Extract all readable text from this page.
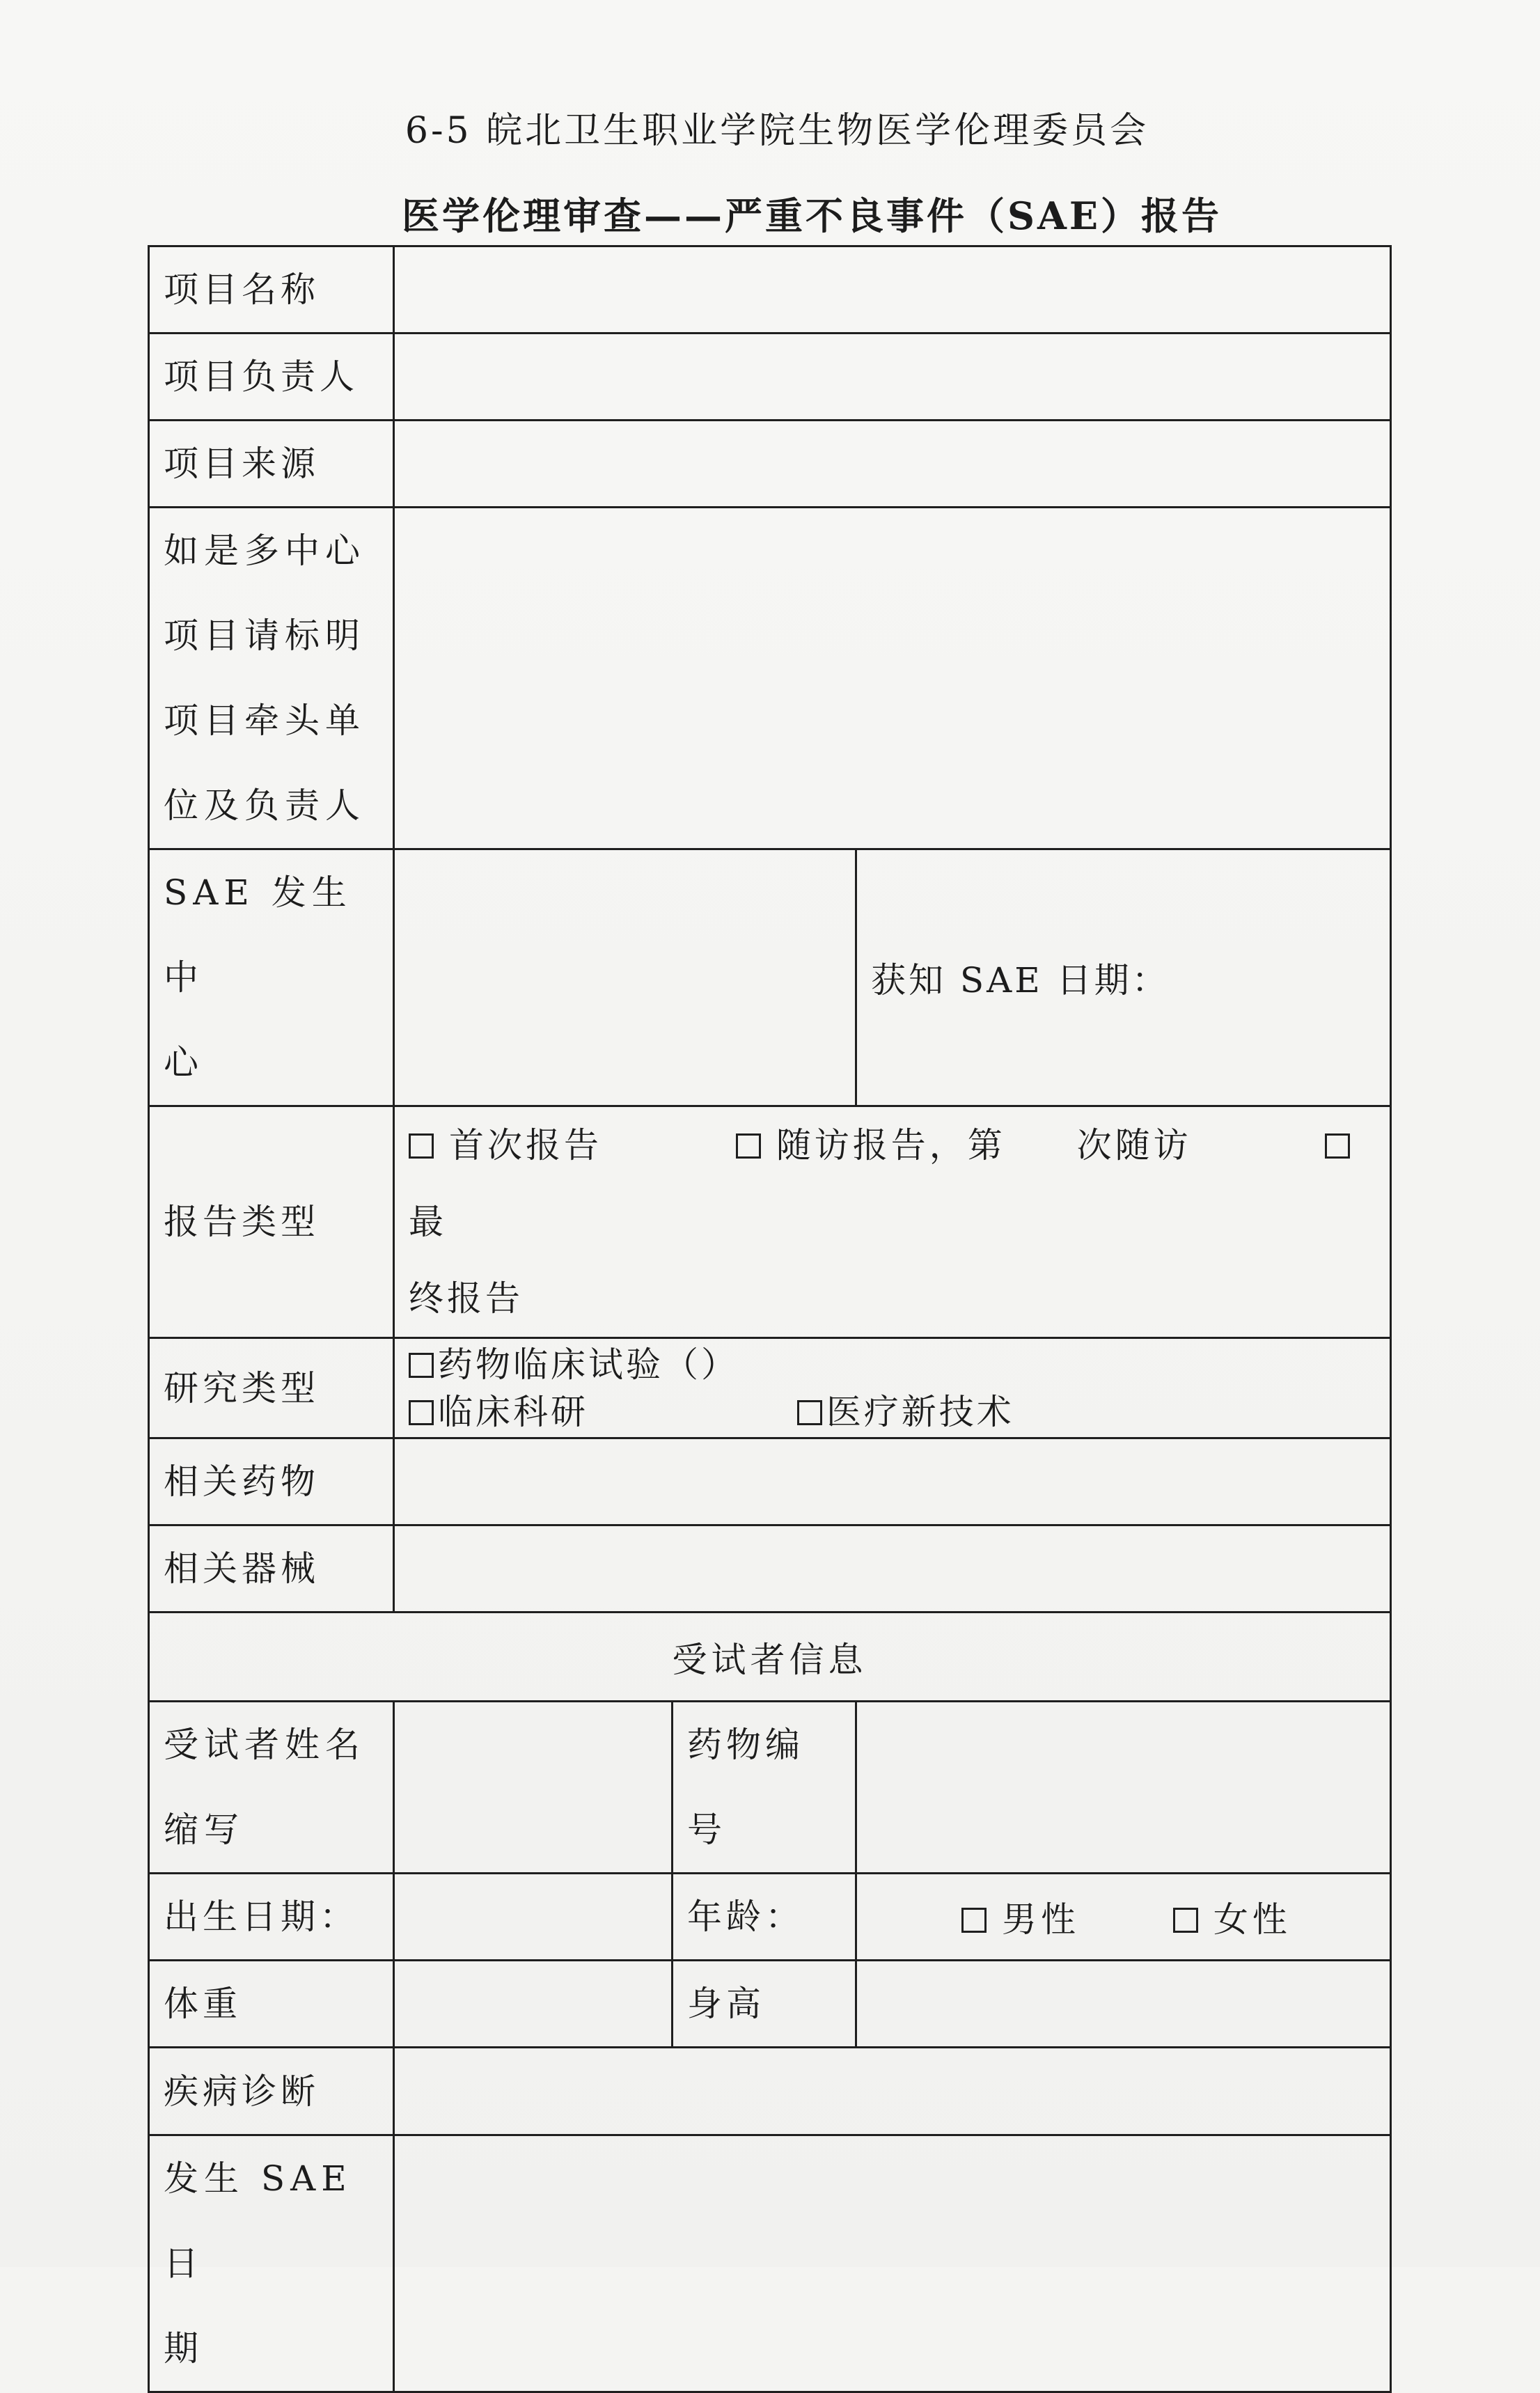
6-5 皖北卫生职业学院生物医学伦理委员会
医学伦理审查——严重不良事件（SAE）报告
项目名称			
项目负责人			
项目来源			

如是多中心
项目请标明
项目牵头单
位及负责人			

SAE 发生中
心			获知 SAE 日期：
报告类型	首次报告 随访报告，第 次随访  最
终报告		

研究类型	药物临床试验（）
临床科研 医疗新技术		

相关药物			
相关器械			
受试者信息			

受试者姓名
缩写		药物编号	
出生日期：		年龄：	男性 女性
体重		身高	
疾病诊断			

发生 SAE 日
期			
